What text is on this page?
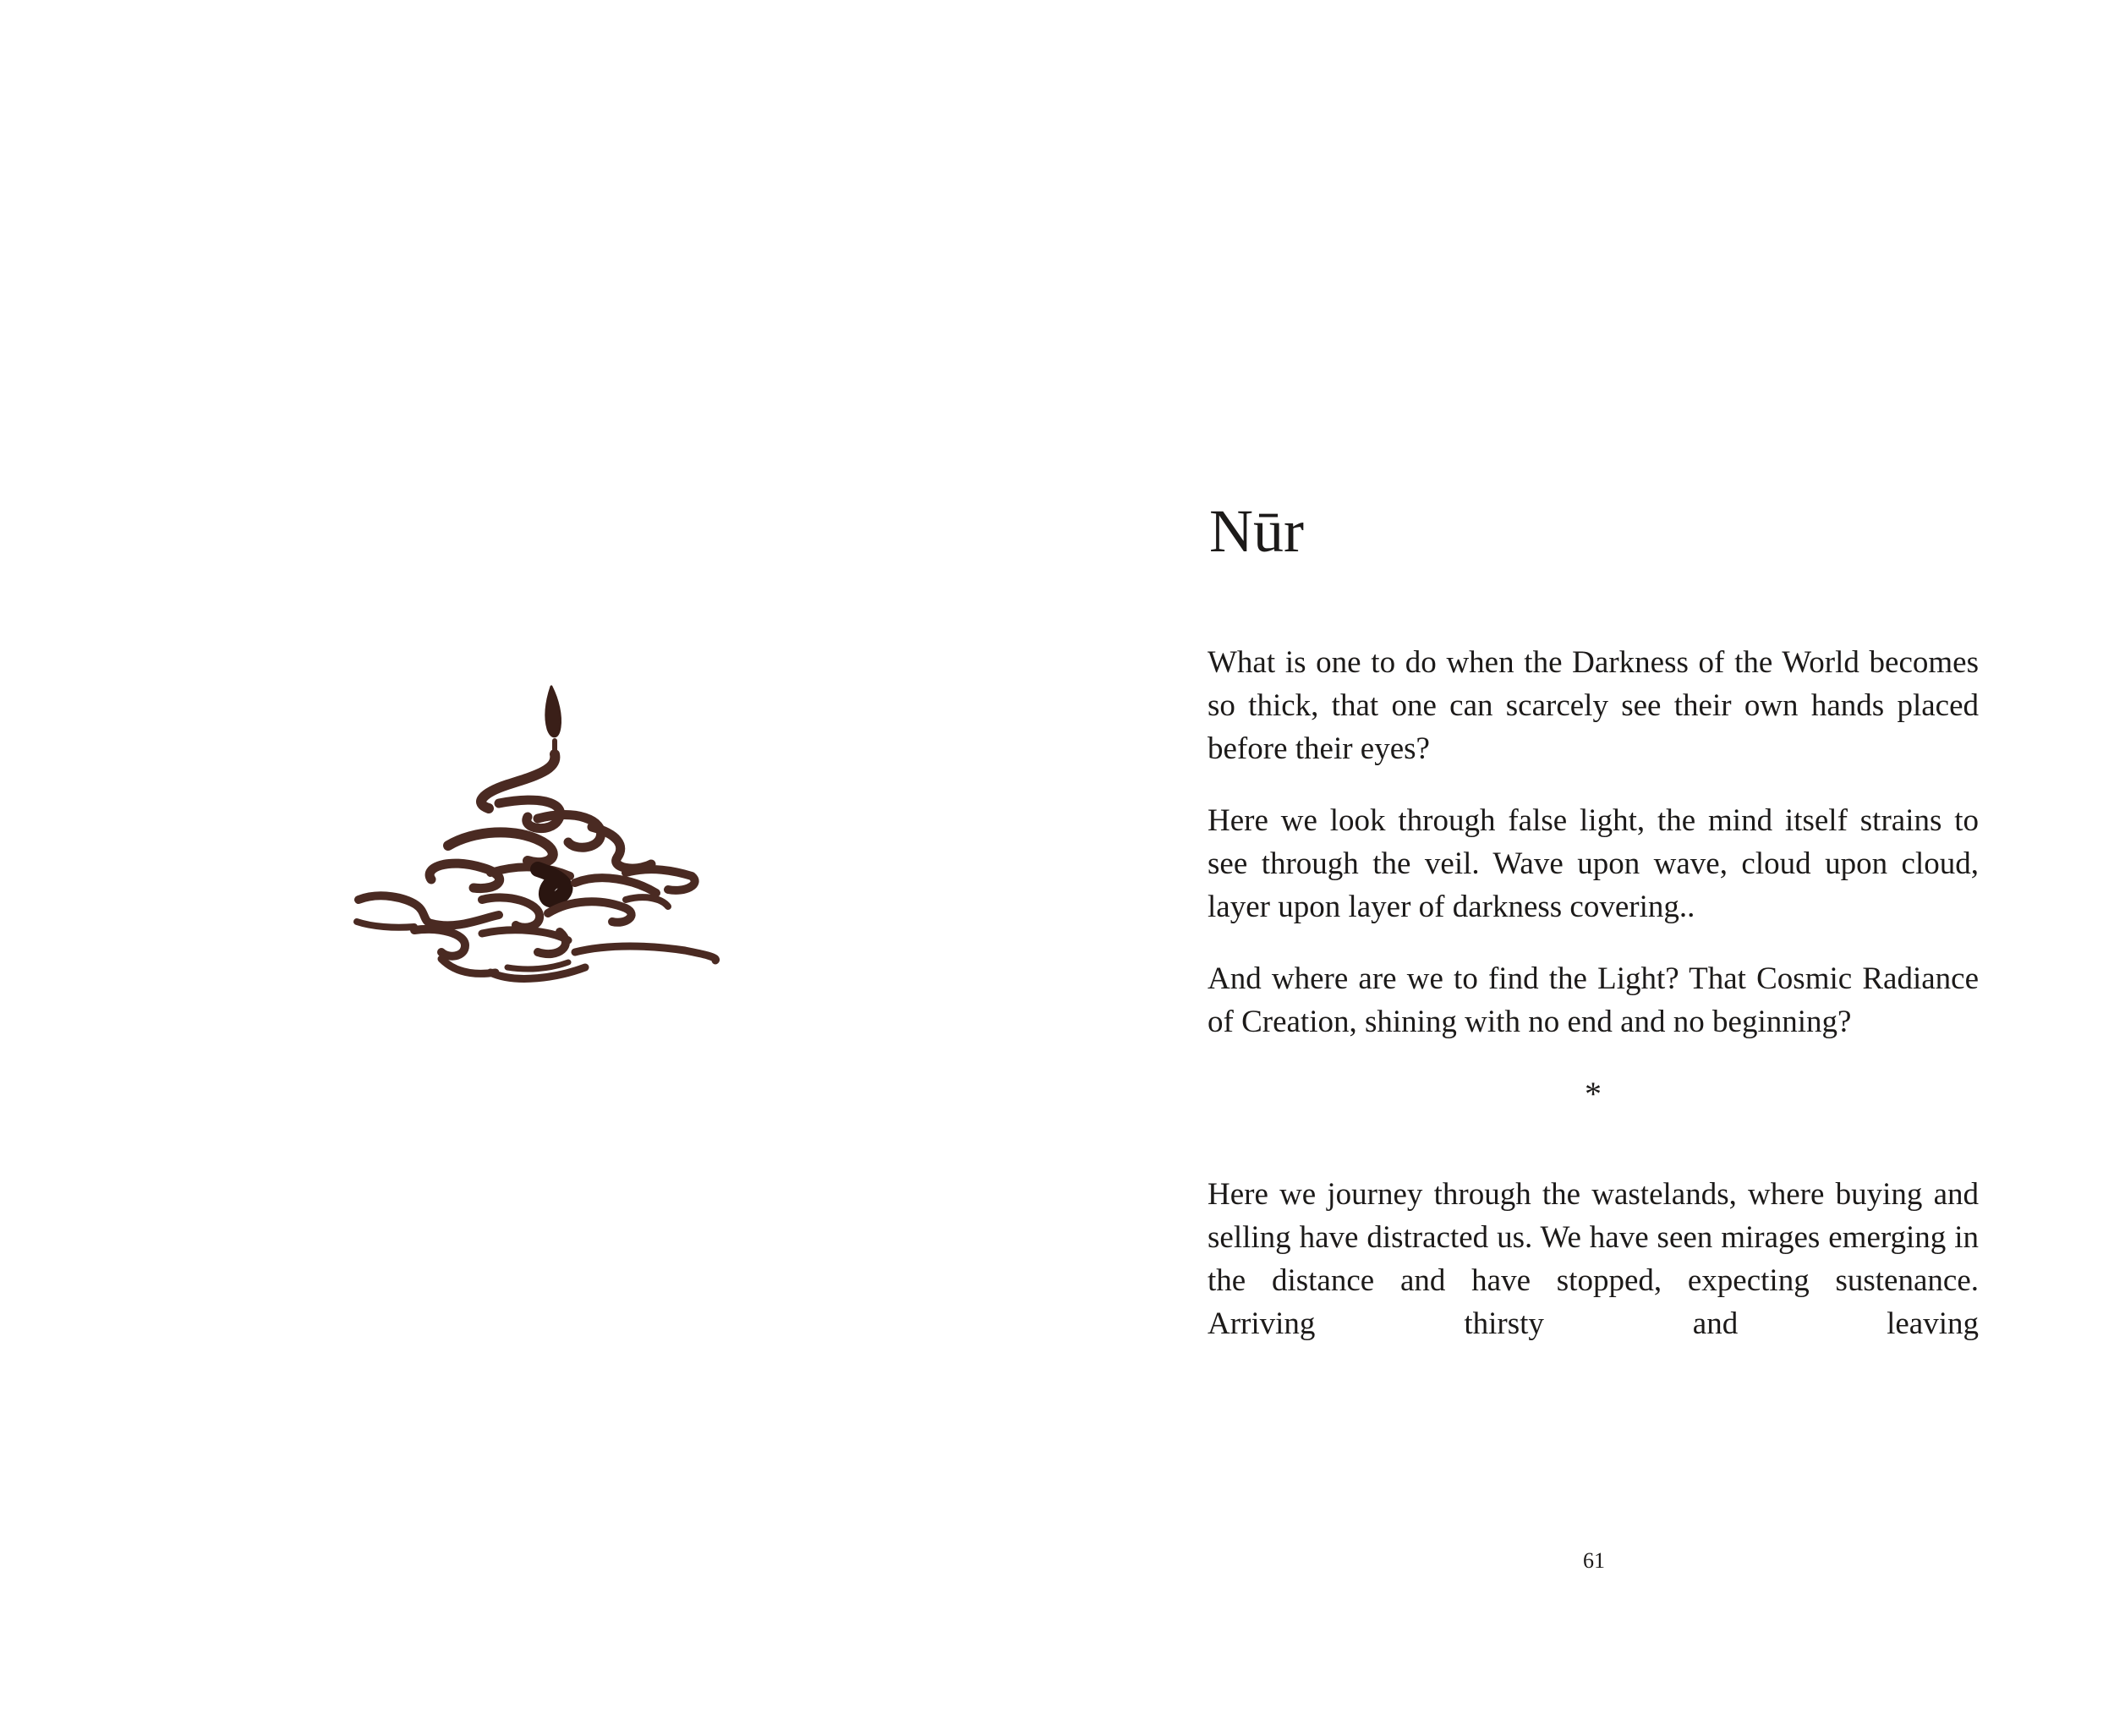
Nūr

What is one to do when the Darkness of the World becomes so thick, that one can scarcely see their own hands placed before their eyes?

Here we look through false light, the mind itself strains to see through the veil. Wave upon wave, cloud upon cloud, layer upon layer of darkness covering..

And where are we to find the Light? That Cosmic Radiance of Creation, shining with no end and no beginning?

*

Here we journey through the wastelands, where buying and selling have distracted us. We have seen mirages emerging in the distance and have stopped, expecting sustenance. Arriving thirsty and leaving

61
